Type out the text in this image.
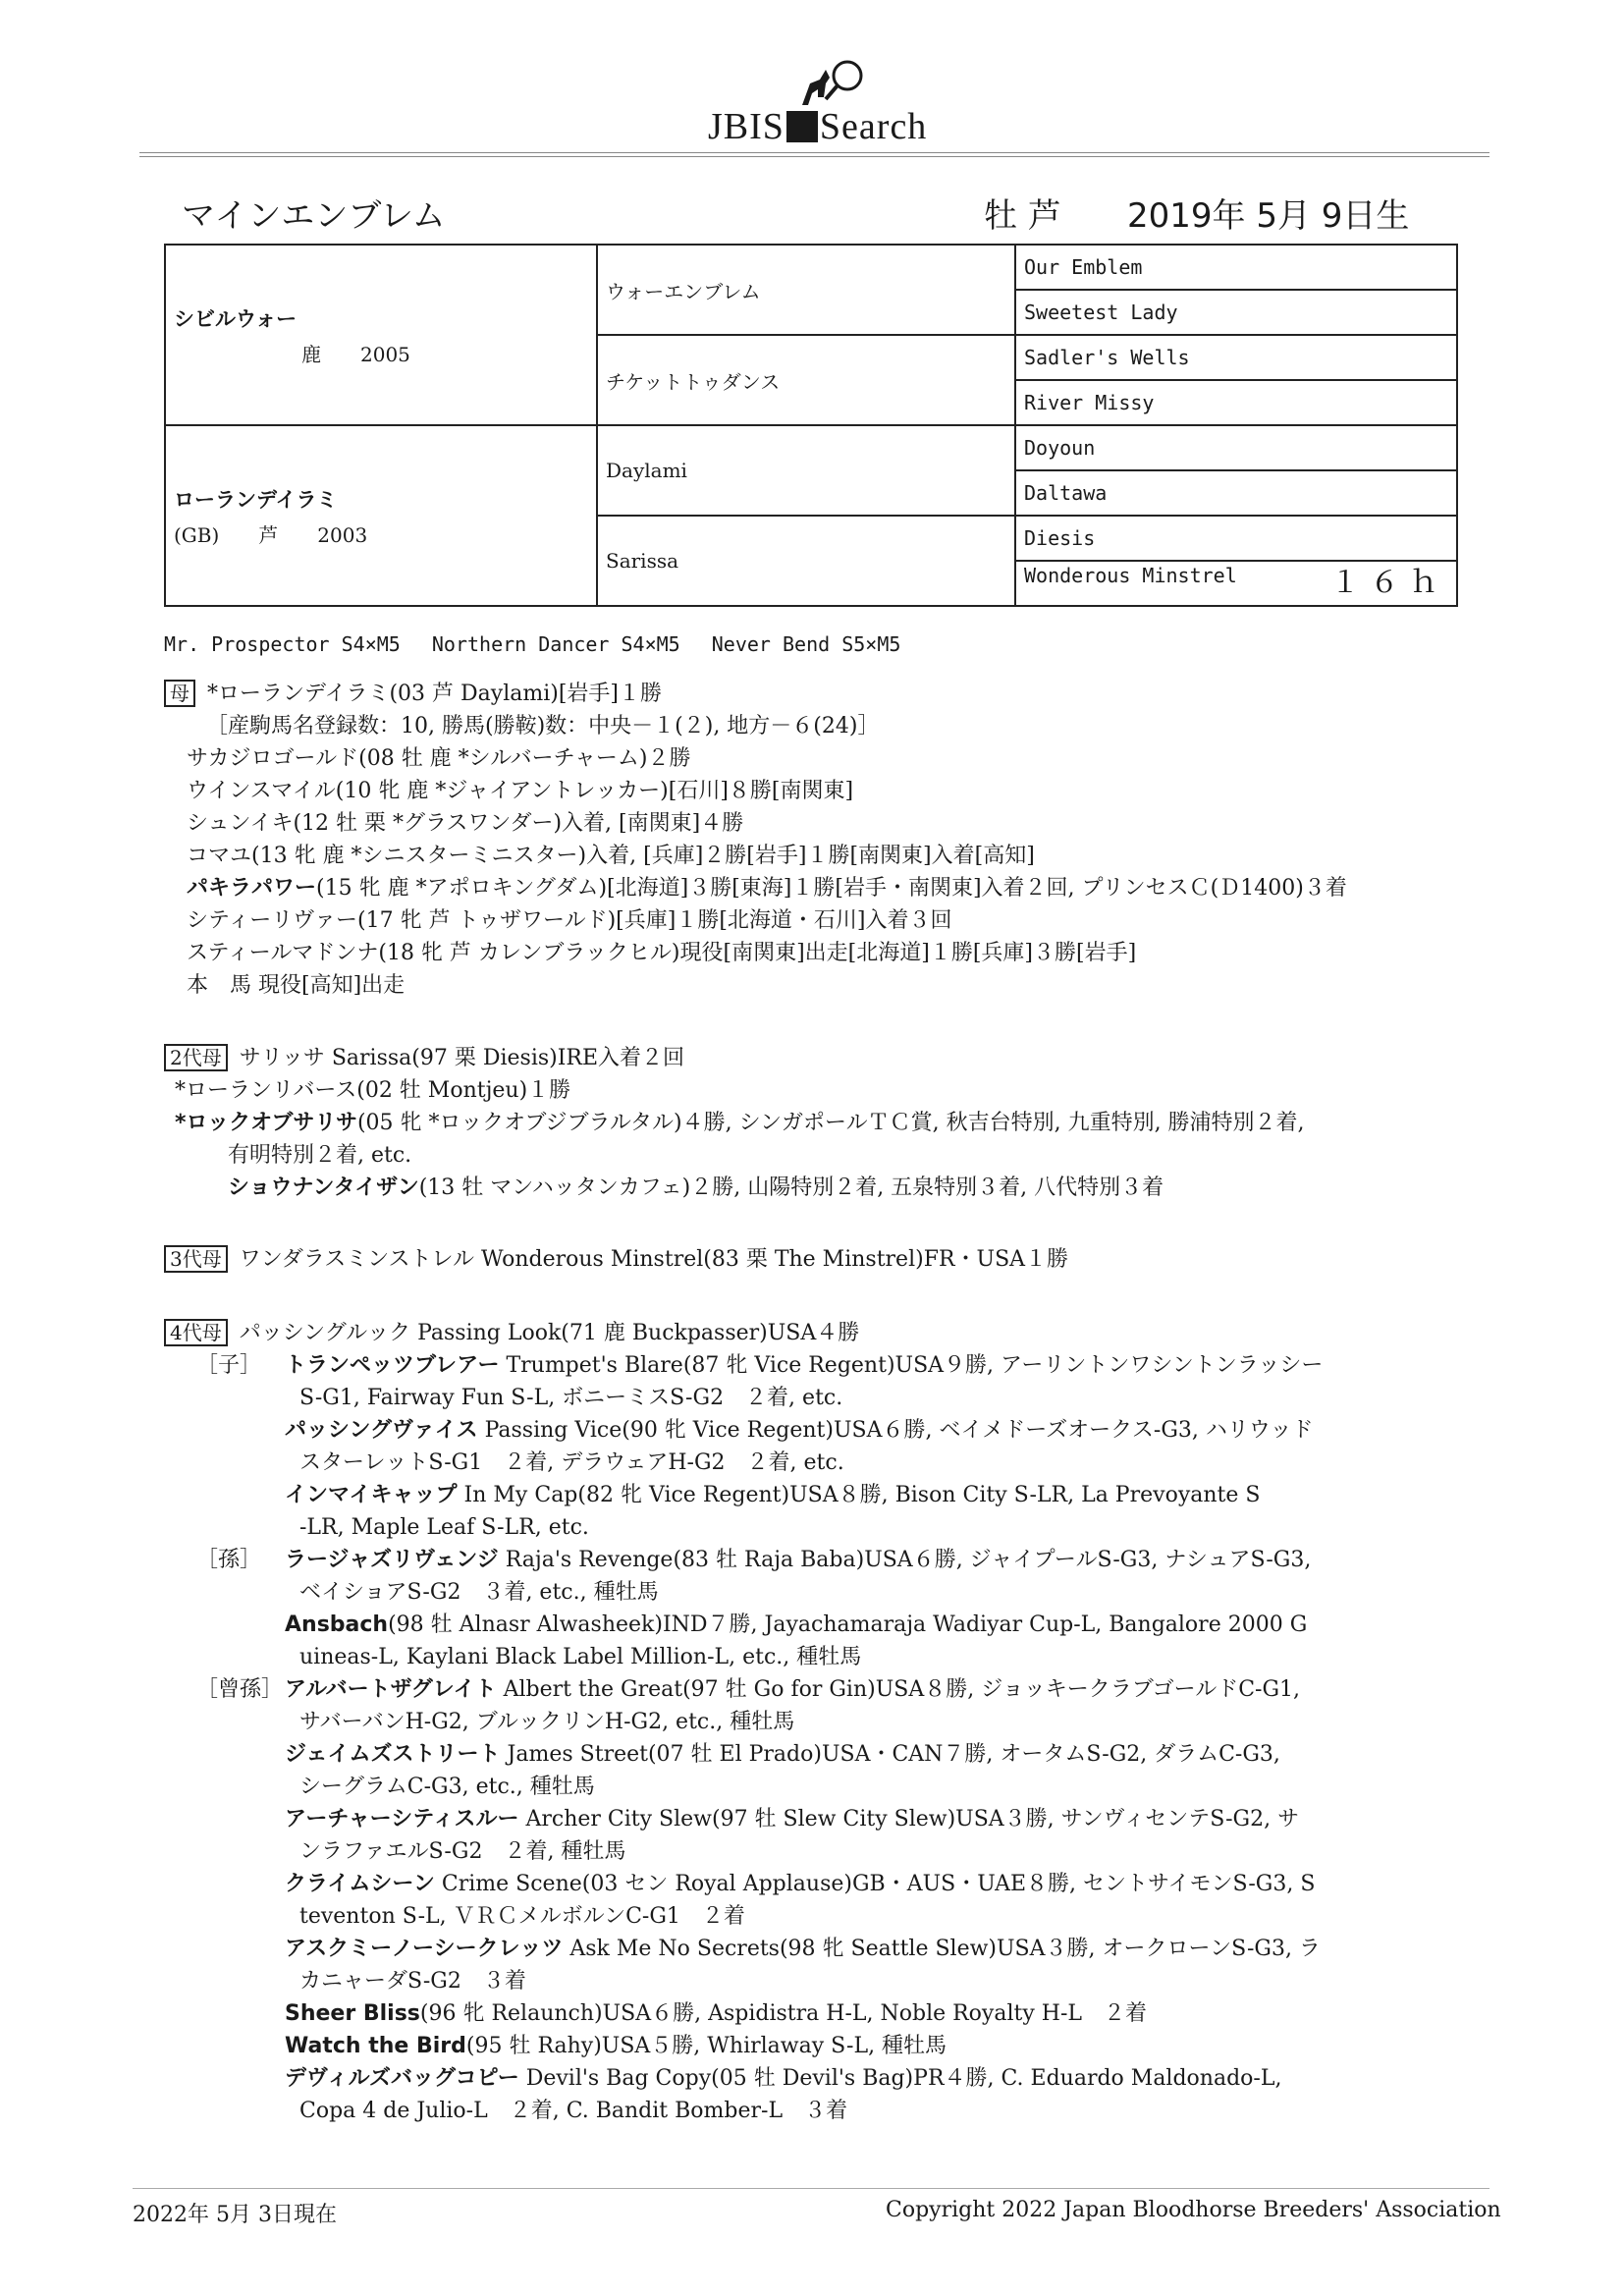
JBIS Search
マインエンブレム	牡 芦 2019年 5月 9日生
シビルウォー
鹿　　2005	ウォーエンブレム	Our Emblem
		Sweetest Lady
	チケットトゥダンス	Sadler's Wells
		River Missy

ローランデイラミ
(GB)　　芦　　2003	Daylami	Doyoun
		Daltawa
	Sarissa	Diesis
		Wonderous Minstrel １６ｈ
Mr. Prospector S4×M5　 Northern Dancer S4×M5　 Never Bend S5×M5
母 *ローランデイラミ(03 芦 Daylami)[岩手]１勝
［産駒馬名登録数：10, 勝馬(勝鞍)数：中央－１(２), 地方－６(24)］
サカジロゴールド(08 牡 鹿 *シルバーチャーム)２勝
ウインスマイル(10 牝 鹿 *ジャイアントレッカー)[石川]８勝[南関東]
シュンイキ(12 牡 栗 *グラスワンダー)入着, [南関東]４勝
コマユ(13 牝 鹿 *シニスターミニスター)入着, [兵庫]２勝[岩手]１勝[南関東]入着[高知]
パキラパワー(15 牝 鹿 *アポロキングダム)[北海道]３勝[東海]１勝[岩手・南関東]入着２回, プリンセスＣ(Ｄ1400)３着
シティーリヴァー(17 牝 芦 トゥザワールド)[兵庫]１勝[北海道・石川]入着３回
スティールマドンナ(18 牝 芦 カレンブラックヒル)現役[南関東]出走[北海道]１勝[兵庫]３勝[岩手]
本　馬 現役[高知]出走
2代母 サリッサ Sarissa(97 栗 Diesis)IRE入着２回
*ローランリバース(02 牡 Montjeu)１勝
*ロックオブサリサ(05 牝 *ロックオブジブラルタル)４勝, シンガポールＴＣ賞, 秋吉台特別, 九重特別, 勝浦特別２着,
有明特別２着, etc.
ショウナンタイザン(13 牡 マンハッタンカフェ)２勝, 山陽特別２着, 五泉特別３着, 八代特別３着
3代母 ワンダラスミンストレル Wonderous Minstrel(83 栗 The Minstrel)FR・USA１勝
4代母 パッシングルック Passing Look(71 鹿 Buckpasser)USA４勝
［子］
［孫］
［曾孫］
トランペッツブレアー Trumpet's Blare(87 牝 Vice Regent)USA９勝, アーリントンワシントンラッシー
S-G1, Fairway Fun S-L, ボニーミスS-G2　２着, etc.
パッシングヴァイス Passing Vice(90 牝 Vice Regent)USA６勝, ベイメドーズオークス-G3, ハリウッド
スターレットS-G1　２着, デラウェアH-G2　２着, etc.
インマイキャップ In My Cap(82 牝 Vice Regent)USA８勝, Bison City S-LR, La Prevoyante S
-LR, Maple Leaf S-LR, etc.
ラージャズリヴェンジ Raja's Revenge(83 牡 Raja Baba)USA６勝, ジャイプールS-G3, ナシュアS-G3,
ベイショアS-G2　３着, etc., 種牡馬
Ansbach(98 牡 Alnasr Alwasheek)IND７勝, Jayachamaraja Wadiyar Cup-L, Bangalore 2000 G
uineas-L, Kaylani Black Label Million-L, etc., 種牡馬
アルバートザグレイト Albert the Great(97 牡 Go for Gin)USA８勝, ジョッキークラブゴールドC-G1,
サバーバンH-G2, ブルックリンH-G2, etc., 種牡馬
ジェイムズストリート James Street(07 牡 El Prado)USA・CAN７勝, オータムS-G2, ダラムC-G3,
シーグラムC-G3, etc., 種牡馬
アーチャーシティスルー Archer City Slew(97 牡 Slew City Slew)USA３勝, サンヴィセンテS-G2, サ
ンラファエルS-G2　２着, 種牡馬
クライムシーン Crime Scene(03 セン Royal Applause)GB・AUS・UAE８勝, セントサイモンS-G3, S
teventon S-L, ＶＲＣメルボルンC-G1　２着
アスクミーノーシークレッツ Ask Me No Secrets(98 牝 Seattle Slew)USA３勝, オークローンS-G3, ラ
カニャーダS-G2　３着
Sheer Bliss(96 牝 Relaunch)USA６勝, Aspidistra H-L, Noble Royalty H-L　２着
Watch the Bird(95 牡 Rahy)USA５勝, Whirlaway S-L, 種牡馬
デヴィルズバッグコピー Devil's Bag Copy(05 牡 Devil's Bag)PR４勝, C. Eduardo Maldonado-L,
Copa 4 de Julio-L　２着, C. Bandit Bomber-L　３着
2022年 5月 3日現在	Copyright 2022 Japan Bloodhorse Breeders' Association
